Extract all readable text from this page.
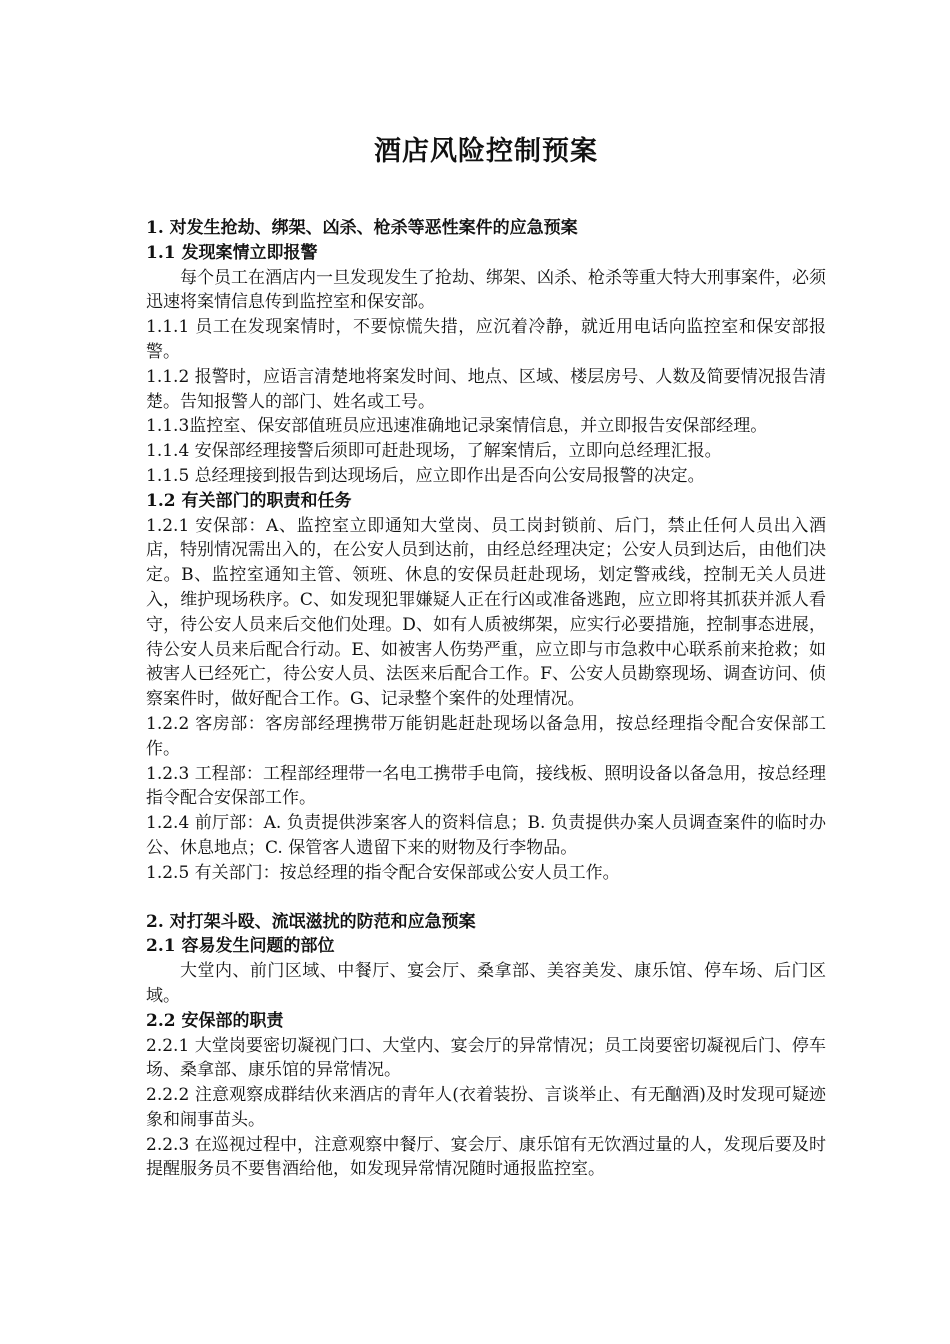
酒店风险控制预案

1. 对发生抢劫、绑架、凶杀、枪杀等恶性案件的应急预案

1.1 发现案情立即报警

每个员工在酒店内一旦发现发生了抢劫、绑架、凶杀、枪杀等重大特大刑事案件，必须迅速将案情信息传到监控室和保安部。

1.1.1 员工在发现案情时，不要惊慌失措，应沉着冷静，就近用电话向监控室和保安部报警。

1.1.2 报警时，应语言清楚地将案发时间、地点、区域、楼层房号、人数及简要情况报告清楚。告知报警人的部门、姓名或工号。

1.1.3监控室、保安部值班员应迅速准确地记录案情信息，并立即报告安保部经理。

1.1.4 安保部经理接警后须即可赶赴现场，了解案情后，立即向总经理汇报。

1.1.5 总经理接到报告到达现场后，应立即作出是否向公安局报警的决定。

1.2 有关部门的职责和任务

1.2.1 安保部：A、监控室立即通知大堂岗、员工岗封锁前、后门，禁止任何人员出入酒店，特别情况需出入的，在公安人员到达前，由经总经理决定；公安人员到达后，由他们决定。B、监控室通知主管、领班、休息的安保员赶赴现场，划定警戒线，控制无关人员进入，维护现场秩序。C、如发现犯罪嫌疑人正在行凶或准备逃跑，应立即将其抓获并派人看守，待公安人员来后交他们处理。D、如有人质被绑架，应实行必要措施，控制事态进展，待公安人员来后配合行动。E、如被害人伤势严重，应立即与市急救中心联系前来抢救；如被害人已经死亡，待公安人员、法医来后配合工作。F、公安人员勘察现场、调查访问、侦察案件时，做好配合工作。G、记录整个案件的处理情况。

1.2.2 客房部：客房部经理携带万能钥匙赶赴现场以备急用，按总经理指令配合安保部工作。

1.2.3 工程部：工程部经理带一名电工携带手电筒，接线板、照明设备以备急用，按总经理指令配合安保部工作。

1.2.4 前厅部：A. 负责提供涉案客人的资料信息；B. 负责提供办案人员调查案件的临时办公、休息地点；C. 保管客人遗留下来的财物及行李物品。

1.2.5 有关部门：按总经理的指令配合安保部或公安人员工作。

2. 对打架斗殴、流氓滋扰的防范和应急预案

2.1 容易发生问题的部位

大堂内、前门区域、中餐厅、宴会厅、桑拿部、美容美发、康乐馆、停车场、后门区域。

2.2 安保部的职责

2.2.1 大堂岗要密切凝视门口、大堂内、宴会厅的异常情况；员工岗要密切凝视后门、停车场、桑拿部、康乐馆的异常情况。

2.2.2 注意观察成群结伙来酒店的青年人(衣着装扮、言谈举止、有无酗酒)及时发现可疑迹象和闹事苗头。

2.2.3 在巡视过程中，注意观察中餐厅、宴会厅、康乐馆有无饮酒过量的人，发现后要及时提醒服务员不要售酒给他，如发现异常情况随时通报监控室。
